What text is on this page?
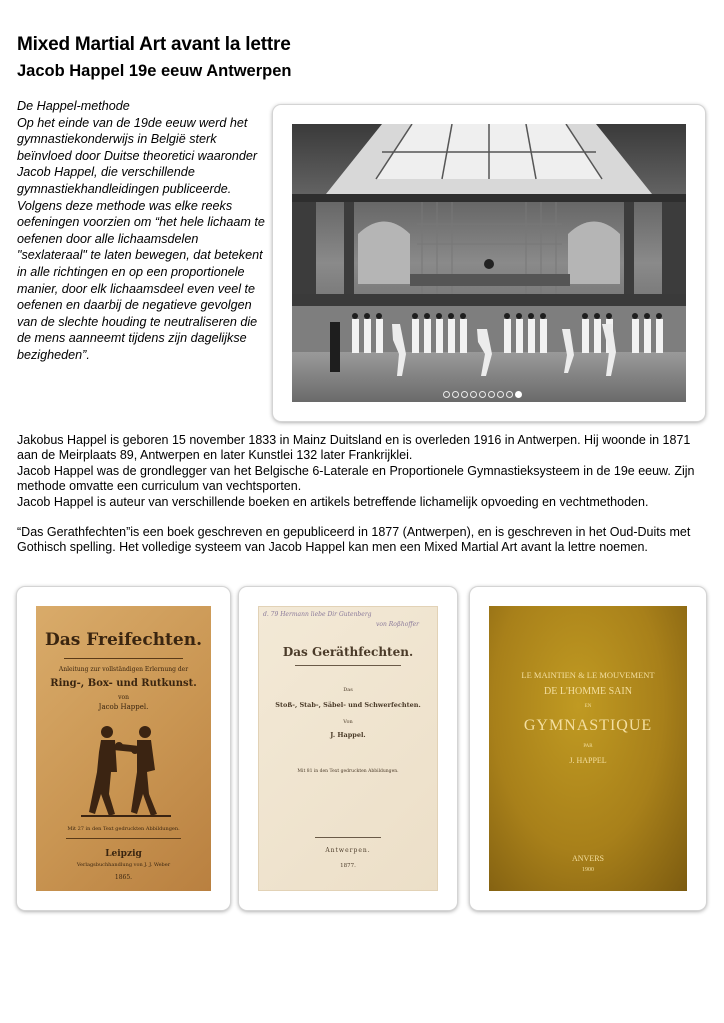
Mixed Martial Art avant la lettre
Jacob Happel 19e eeuw Antwerpen

De Happel-methode

Op het einde van de 19de eeuw werd het gymnastiekonderwijs in België sterk beïnvloed door Duitse theoretici waaronder Jacob Happel, die verschillende gymnastiekhandleidingen publiceerde. Volgens deze methode was elke reeks oefeningen voorzien om “het hele lichaam te oefenen door alle lichaamsdelen "sexlateraal" te laten bewegen, dat betekent in alle richtingen en op een proportionele manier, door elk lichaamsdeel even veel te oefenen en daarbij de negatieve gevolgen van de slechte houding te neutraliseren die de mens aanneemt tijdens zijn dagelijkse bezigheden”.

Jakobus Happel is geboren 15 november 1833 in Mainz Duitsland en is overleden 1916 in Antwerpen. Hij woonde in 1871 aan de Meirplaats 89, Antwerpen en later Kunstlei 132 later Frankrijklei.

Jacob Happel was de grondlegger van het Belgische 6-Laterale en Proportionele Gymnastieksysteem in de 19e eeuw. Zijn methode omvatte een curriculum van vechtsporten.

Jacob Happel is auteur van verschillende boeken en artikels betreffende lichamelijk opvoeding en vechtmethoden.

“Das Gerathfechten”is een boek geschreven en gepubliceerd in 1877 (Antwerpen), en is geschreven in het Oud-Duits met Gothisch spelling. Het volledige systeem van Jacob Happel kan men een Mixed Martial Art avant la lettre noemen.

Das Freifechten.
Anleitung zur vollständigen Erlernung der
Ring-, Box- und Rutkunst.
von
Jacob Happel.
Mit 27 in den Text gedruckten Abbildungen.
Leipzig
Verlagsbuchhandlung von J. J. Weber
1865.
d. 79 Hermann liebe Dir Gutenberg
von Roßhoffer
Das Geräthfechten.
Das
Stoß-, Stab-, Säbel- und Schwerfechten.
Von
J. Happel.
Mit 81 in den Text gedruckten Abbildungen.
Antwerpen.
1877.
LE MAINTIEN & LE MOUVEMENT
DE L'HOMME SAIN
EN
GYMNASTIQUE
PAR
J. HAPPEL
ANVERS
1900
